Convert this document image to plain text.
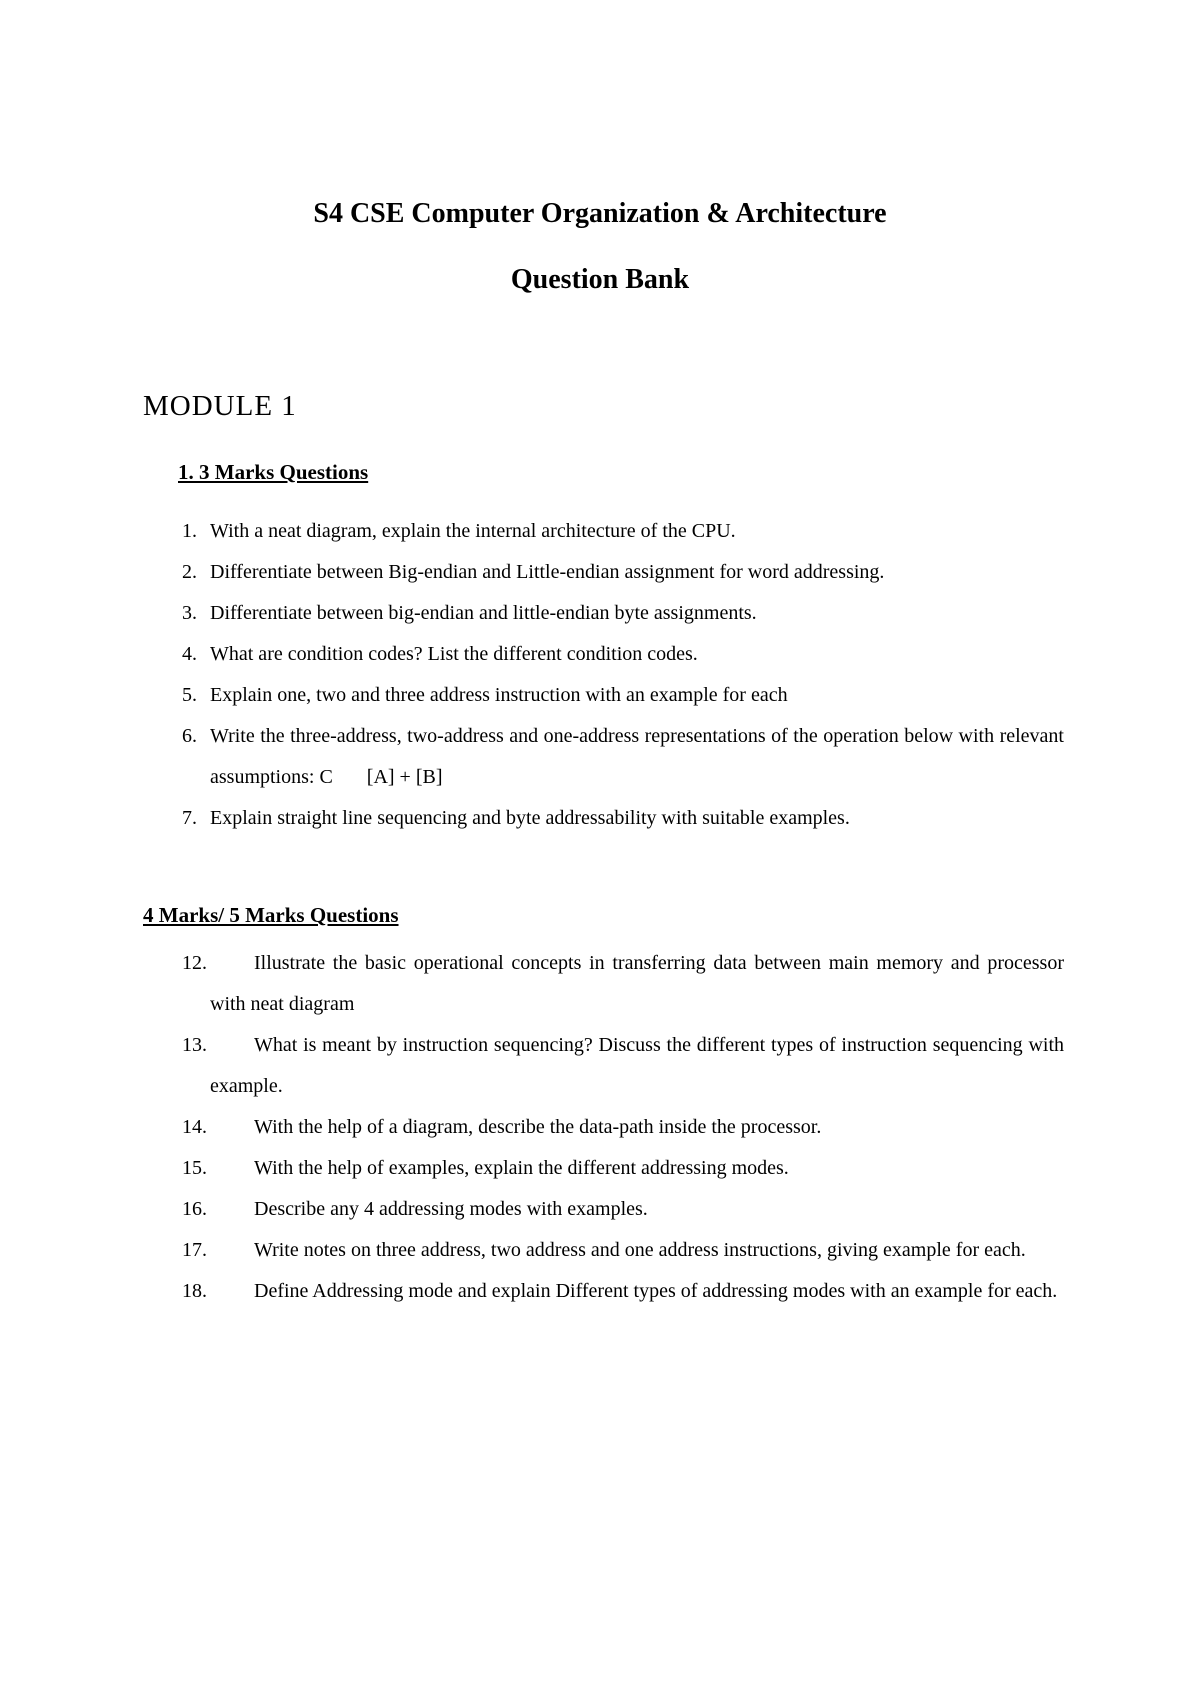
S4 CSE Computer Organization & Architecture
Question Bank
MODULE 1
1. 3 Marks Questions
1. With a neat diagram, explain the internal architecture of the CPU.
2. Differentiate between Big-endian and Little-endian assignment for word addressing.
3. Differentiate between big-endian and little-endian byte assignments.
4. What are condition codes? List the different condition codes.
5. Explain one, two and three address instruction with an example for each
6. Write the three-address, two-address and one-address representations of the operation below with relevant assumptions: C [A] + [B]
7. Explain straight line sequencing and byte addressability with suitable examples.
4 Marks/ 5 Marks Questions
12. Illustrate the basic operational concepts in transferring data between main memory and processor with neat diagram
13. What is meant by instruction sequencing? Discuss the different types of instruction sequencing with example.
14. With the help of a diagram, describe the data-path inside the processor.
15. With the help of examples, explain the different addressing modes.
16. Describe any 4 addressing modes with examples.
17. Write notes on three address, two address and one address instructions, giving example for each.
18. Define Addressing mode and explain Different types of addressing modes with an example for each.
